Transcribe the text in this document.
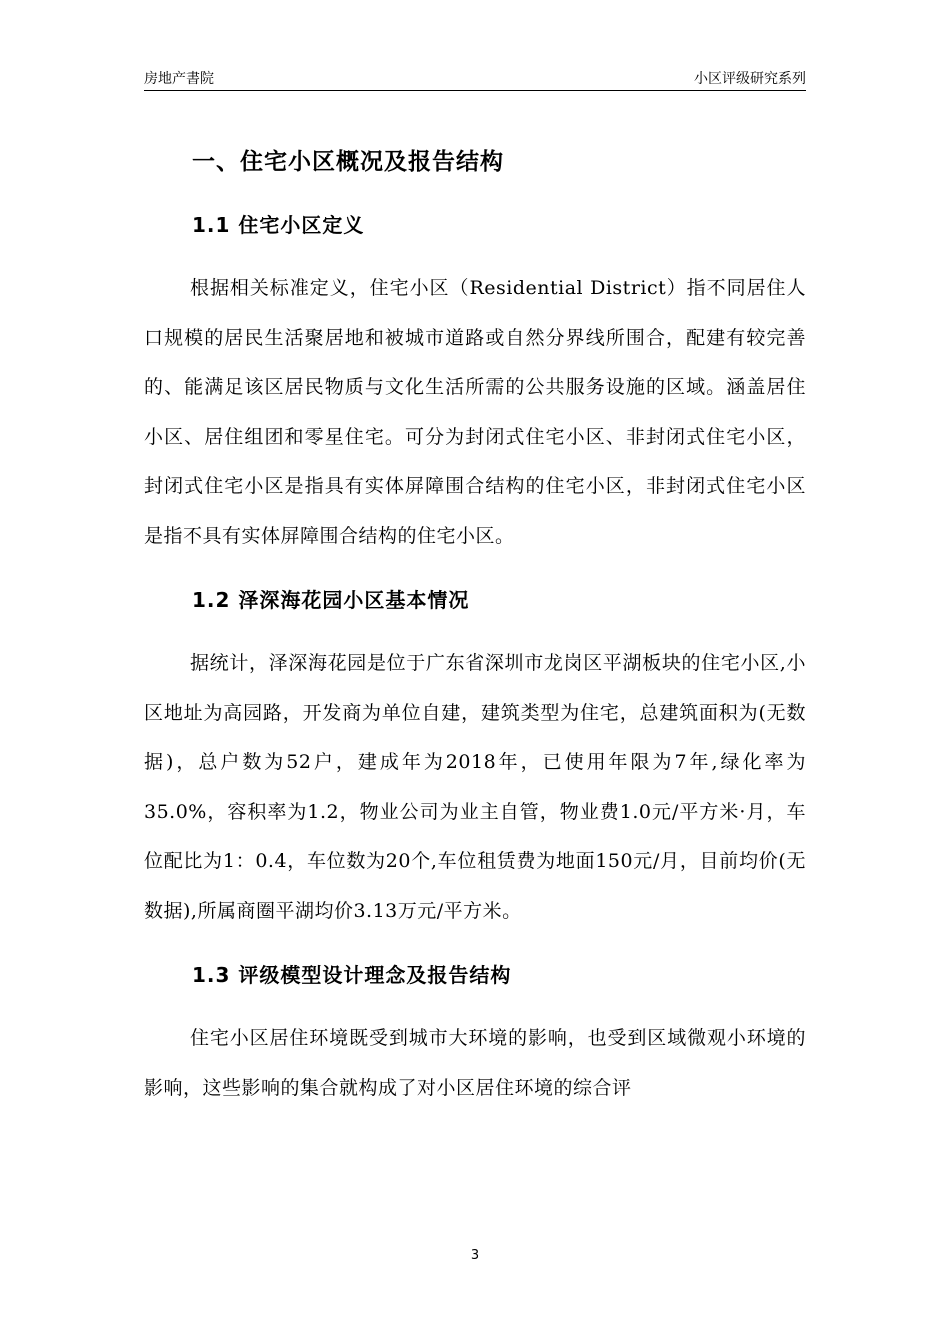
房地产書院	小区评级研究系列
一、住宅小区概况及报告结构
1.1 住宅小区定义

根据相关标准定义，住宅小区（Residential District）指不同居住人口规模的居民生活聚居地和被城市道路或自然分界线所围合，配建有较完善的、能满足该区居民物质与文化生活所需的公共服务设施的区域。涵盖居住小区、居住组团和零星住宅。可分为封闭式住宅小区、非封闭式住宅小区，封闭式住宅小区是指具有实体屏障围合结构的住宅小区，非封闭式住宅小区是指不具有实体屏障围合结构的住宅小区。

1.2 泽深海花园小区基本情况

据统计，泽深海花园是位于广东省深圳市龙岗区平湖板块的住宅小区,小区地址为高园路，开发商为单位自建，建筑类型为住宅，总建筑面积为(无数据)，总户数为52户，建成年为2018年，已使用年限为7年,绿化率为35.0%，容积率为1.2，物业公司为业主自管，物业费1.0元/平方米·月，车位配比为1：0.4，车位数为20个,车位租赁费为地面150元/月，目前均价(无数据),所属商圈平湖均价3.13万元/平方米。

1.3 评级模型设计理念及报告结构

住宅小区居住环境既受到城市大环境的影响，也受到区域微观小环境的影响，这些影响的集合就构成了对小区居住环境的综合评

3
